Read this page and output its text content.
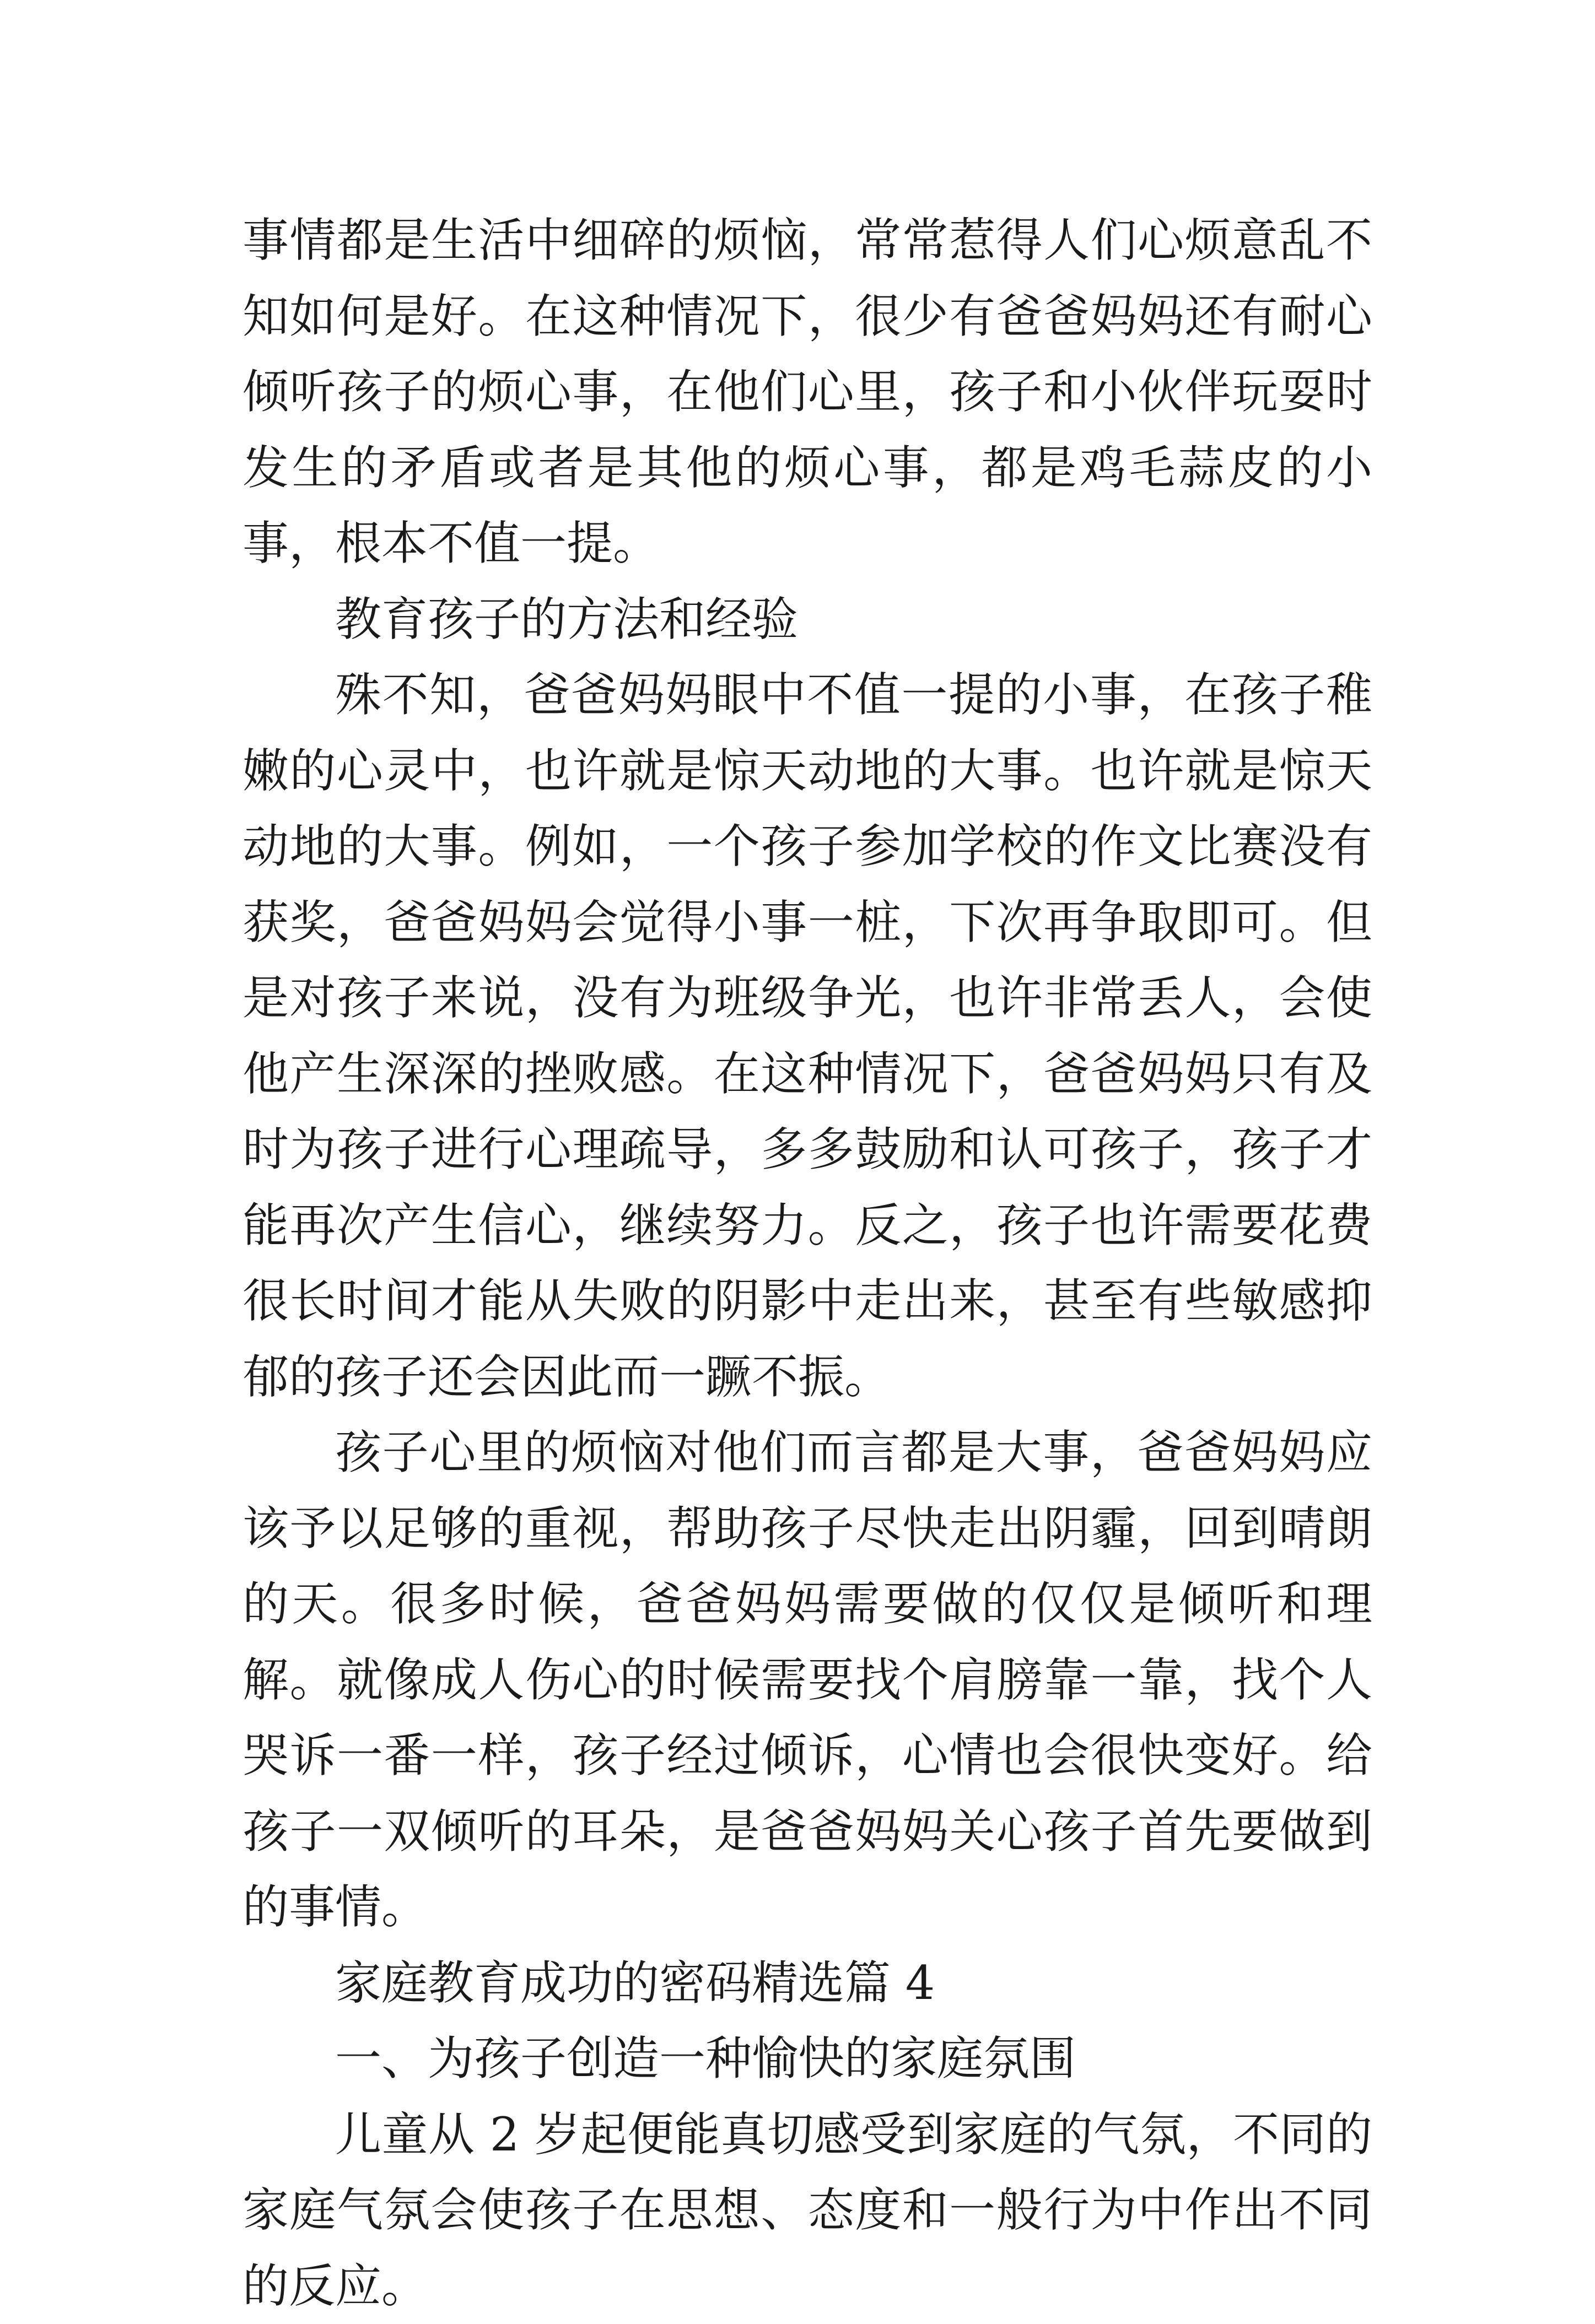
事情都是生活中细碎的烦恼，常常惹得人们心烦意乱不知如何是好。在这种情况下，很少有爸爸妈妈还有耐心倾听孩子的烦心事，在他们心里，孩子和小伙伴玩耍时发生的矛盾或者是其他的烦心事，都是鸡毛蒜皮的小事，根本不值一提。

教育孩子的方法和经验

殊不知，爸爸妈妈眼中不值一提的小事，在孩子稚嫩的心灵中，也许就是惊天动地的大事。也许就是惊天动地的大事。例如，一个孩子参加学校的作文比赛没有获奖，爸爸妈妈会觉得小事一桩，下次再争取即可。但是对孩子来说，没有为班级争光，也许非常丢人，会使他产生深深的挫败感。在这种情况下，爸爸妈妈只有及时为孩子进行心理疏导，多多鼓励和认可孩子，孩子才能再次产生信心，继续努力。反之，孩子也许需要花费很长时间才能从失败的阴影中走出来，甚至有些敏感抑郁的孩子还会因此而一蹶不振。

孩子心里的烦恼对他们而言都是大事，爸爸妈妈应该予以足够的重视，帮助孩子尽快走出阴霾，回到晴朗的天。很多时候，爸爸妈妈需要做的仅仅是倾听和理解。就像成人伤心的时候需要找个肩膀靠一靠，找个人哭诉一番一样，孩子经过倾诉，心情也会很快变好。给孩子一双倾听的耳朵，是爸爸妈妈关心孩子首先要做到的事情。

家庭教育成功的密码精选篇 4

一、为孩子创造一种愉快的家庭氛围

儿童从 2 岁起便能真切感受到家庭的气氛，不同的家庭气氛会使孩子在思想、态度和一般行为中作出不同的反应。
